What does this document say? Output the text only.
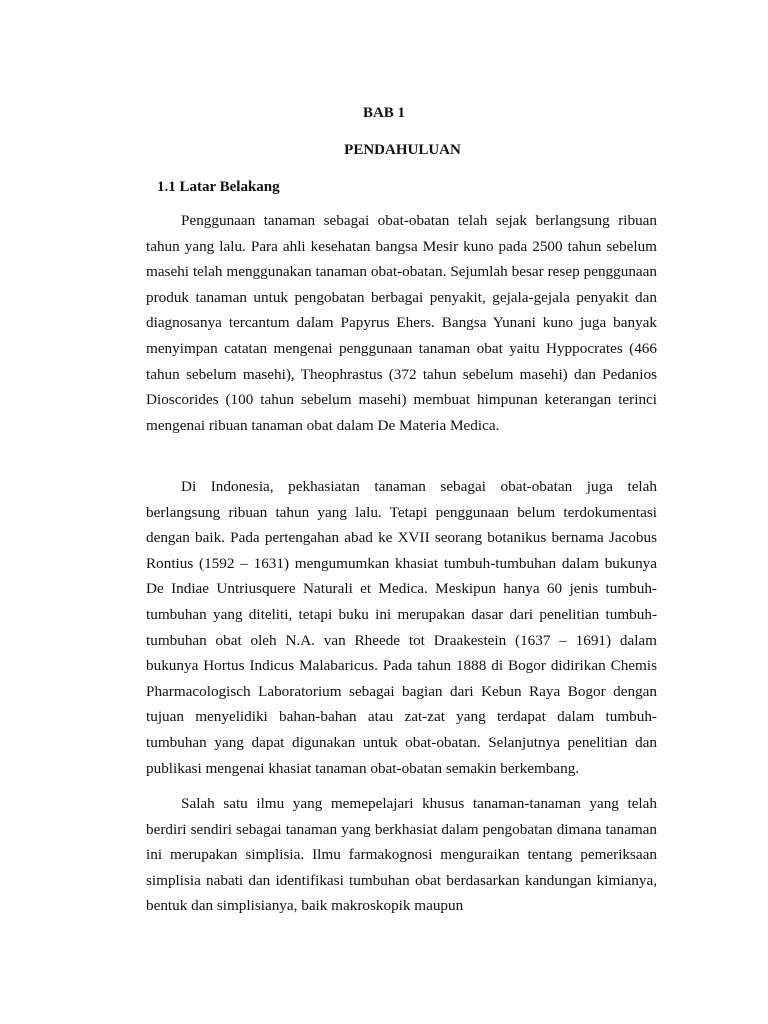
BAB 1
PENDAHULUAN
1.1 Latar Belakang

Penggunaan tanaman sebagai obat-obatan telah sejak berlangsung ribuan tahun yang lalu. Para ahli kesehatan bangsa Mesir kuno pada 2500 tahun sebelum masehi telah menggunakan tanaman obat-obatan. Sejumlah besar resep penggunaan produk tanaman untuk pengobatan berbagai penyakit, gejala-gejala penyakit dan diagnosanya tercantum dalam Papyrus Ehers. Bangsa Yunani kuno juga banyak menyimpan catatan mengenai penggunaan tanaman obat yaitu Hyppocrates (466 tahun sebelum masehi), Theophrastus (372 tahun sebelum masehi) dan Pedanios Dioscorides (100 tahun sebelum masehi) membuat himpunan keterangan terinci mengenai ribuan tanaman obat dalam De Materia Medica.

Di Indonesia, pekhasiatan tanaman sebagai obat-obatan juga telah berlangsung ribuan tahun yang lalu. Tetapi penggunaan belum terdokumentasi dengan baik. Pada pertengahan abad ke XVII seorang botanikus bernama Jacobus Rontius (1592 – 1631) mengumumkan khasiat tumbuh-tumbuhan dalam bukunya De Indiae Untriusquere Naturali et Medica. Meskipun hanya 60 jenis tumbuh-tumbuhan yang diteliti, tetapi buku ini merupakan dasar dari penelitian tumbuh-tumbuhan obat oleh N.A. van Rheede tot Draakestein (1637 – 1691) dalam bukunya Hortus Indicus Malabaricus. Pada tahun 1888 di Bogor didirikan Chemis Pharmacologisch Laboratorium sebagai bagian dari Kebun Raya Bogor dengan tujuan menyelidiki bahan-bahan atau zat-zat yang terdapat dalam tumbuh-tumbuhan yang dapat digunakan untuk obat-obatan. Selanjutnya penelitian dan publikasi mengenai khasiat tanaman obat-obatan semakin berkembang.

Salah satu ilmu yang memepelajari khusus tanaman-tanaman yang telah berdiri sendiri sebagai tanaman yang berkhasiat dalam pengobatan dimana tanaman ini merupakan simplisia. Ilmu farmakognosi menguraikan tentang pemeriksaan simplisia nabati dan identifikasi tumbuhan obat berdasarkan kandungan kimianya, bentuk dan simplisianya, baik makroskopik maupun
